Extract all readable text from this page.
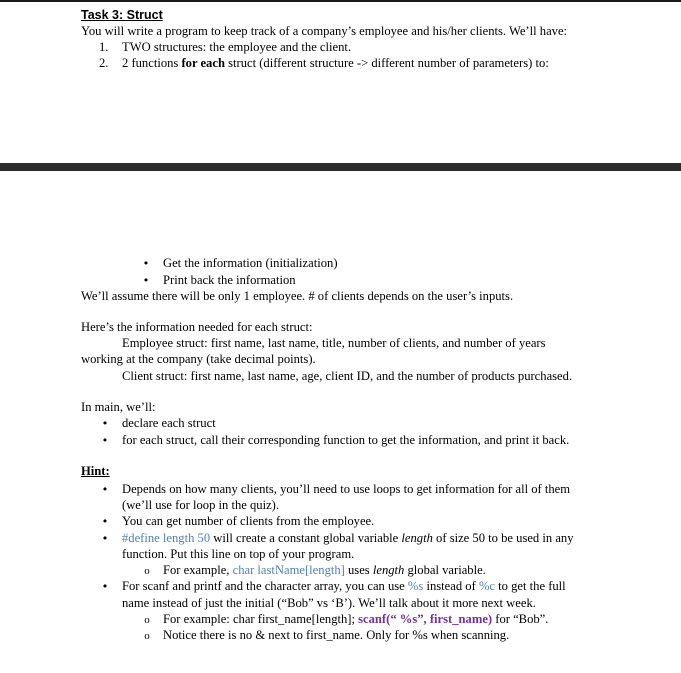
Task 3: Struct
You will write a program to keep track of a company’s employee and his/her clients. We’ll have:
1. TWO structures: the employee and the client.
2. 2 functions for each struct (different structure -> different number of parameters) to:
•
Get the information (initialization)
•
Print back the information
We’ll assume there will be only 1 employee. # of clients depends on the user’s inputs.
Here’s the information needed for each struct:
Employee struct: first name, last name, title, number of clients, and number of years
working at the company (take decimal points).
Client struct: first name, last name, age, client ID, and the number of products purchased.
In main, we’ll:
•
declare each struct
•
for each struct, call their corresponding function to get the information, and print it back.
Hint:
•
Depends on how many clients, you’ll need to use loops to get information for all of them
(we’ll use for loop in the quiz).
•
You can get number of clients from the employee.
•
#define length 50 will create a constant global variable length of size 50 to be used in any
function. Put this line on top of your program.
o
For example, char lastName[length] uses length global variable.
•
For scanf and printf and the character array, you can use %s instead of %c to get the full
name instead of just the initial (“Bob” vs ‘B’). We’ll talk about it more next week.
o
For example: char first_name[length]; scanf(“ %s”, first_name) for “Bob”.
o
Notice there is no & next to first_name. Only for %s when scanning.
